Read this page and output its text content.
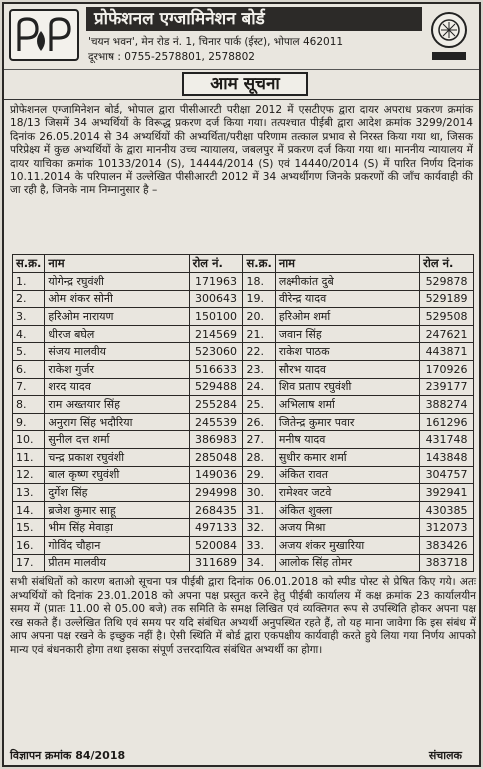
प्रोफेशनल एग्जामिनेशन बोर्ड
'चयन भवन', मेन रोड नं. 1, चिनार पार्क (ईस्ट), भोपाल 462011
दूरभाष : 0755-2578801, 2578802
आम सूचना
प्रोफेशनल एग्जामिनेशन बोर्ड, भोपाल द्वारा पीसीआरटी परीक्षा 2012 में एसटीएफ द्वारा दायर अपराध प्रकरण क्रमांक 18/13 जिसमें 34 अभ्यर्थियों के विरूद्ध प्रकरण दर्ज किया गया। तत्पश्चात पीईबी द्वारा आदेश क्रमांक 3299/2014 दिनांक 26.05.2014 से 34 अभ्यर्थियों की अभ्यर्थिता/परीक्षा परिणाम तत्काल प्रभाव से निरस्त किया गया था, जिसक परिप्रेक्ष्य में कुछ अभ्यर्थियों के द्वारा माननीय उच्च न्यायालय, जबलपुर में प्रकरण दर्ज किया गया था। माननीय न्यायालय में दायर याचिका क्रमांक 10133/2014 (S), 14444/2014 (S) एवं 14440/2014 (S) में पारित निर्णय दिनांक 10.11.2014 के परिपालन में उल्लेखित पीसीआरटी 2012 में 34 अभ्यर्थीगण जिनके प्रकरणों की जाँच कार्यवाही की जा रही है, जिनके नाम निम्नानुसार है –
स.क्र.	नाम	रोल नं.	स.क्र.	नाम	रोल नं.
1.	योगेन्द्र रघुवंशी	171963	18.	लक्ष्मीकांत दुबे	529878
2.	ओम शंकर सोनी	300643	19.	वीरेन्द्र यादव	529189
3.	हरिओम नारायण	150100	20.	हरिओम शर्मा	529508
4.	धीरज बघेल	214569	21.	जवान सिंह	247621
5.	संजय मालवीय	523060	22.	राकेश पाठक	443871
6.	राकेश गुर्जर	516633	23.	सौरभ यादव	170926
7.	शरद यादव	529488	24.	शिव प्रताप रघुवंशी	239177
8.	राम अख्तयार सिंह	255284	25.	अभिलाष शर्मा	388274
9.	अनुराग सिंह भदौरिया	245539	26.	जितेन्द्र कुमार पवार	161296
10.	सुनील दत्त शर्मा	386983	27.	मनीष यादव	431748
11.	चन्द्र प्रकाश रघुवंशी	285048	28.	सुधीर कमार शर्मा	143848
12.	बाल कृष्ण रघुवंशी	149036	29.	अंकित रावत	304757
13.	दुर्गेश सिंह	294998	30.	रामेश्वर जटवे	392941
14.	ब्रजेश कुमार साहू	268435	31.	अंकित शुक्ला	430385
15.	भीम सिंह मेवाड़ा	497133	32.	अजय मिश्रा	312073
16.	गोविंद चौहान	520084	33.	अजय शंकर मुखारिया	383426
17.	प्रीतम मालवीय	311689	34.	आलोक सिंह तोमर	383718
सभी संबंधितों को कारण बताओ सूचना पत्र पीईबी द्वारा दिनांक 06.01.2018 को स्पीड पोस्ट से प्रेषित किए गये। अतः अभ्यर्थियों को दिनांक 23.01.2018 को अपना पक्ष प्रस्तुत करने हेतु पीईबी कार्यालय में कक्ष क्रमांक 23 कार्यालयीन समय में (प्रातः 11.00 से 05.00 बजे) तक समिति के समक्ष लिखित एवं व्यक्तिगत रूप से उपस्थिति होकर अपना पक्ष रख सकते हैं। उल्लेखित तिथि एवं समय पर यदि संबंधित अभ्यर्थी अनुपस्थित रहते हैं, तो यह माना जावेगा कि इस संबंध में आप अपना पक्ष रखने के इच्छुक नहीं है। ऐसी स्थिति में बोर्ड द्वारा एकपक्षीय कार्यवाही करते हुये लिया गया निर्णय आपको मान्य एवं बंधनकारी होगा तथा इसका संपूर्ण उत्तरदायित्व संबंधित अभ्यर्थी का होगा।
विज्ञापन क्रमांक 84/2018	संचालक
